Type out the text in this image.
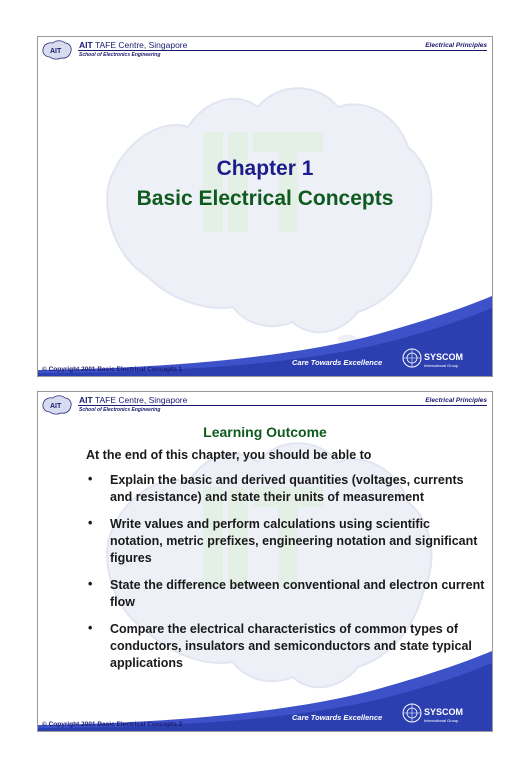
AIT
AIT TAFE Centre, Singapore
School of Electronics Engineering
Electrical Principles
Chapter 1
Basic Electrical Concepts
Care Towards Excellence
SYSCOM
International Group
© Copyright 2001 Basic Electrical Concepts 1
AIT
AIT TAFE Centre, Singapore
School of Electronics Engineering
Electrical Principles
Learning Outcome
At the end of this chapter, you should be able to
• Explain the basic and derived quantities (voltages, currents and resistance) and state their units of measurement
• Write values and perform calculations using scientific notation, metric prefixes, engineering notation and significant figures
• State the difference between conventional and electron current flow
• Compare the electrical characteristics of common types of conductors, insulators and semiconductors and state typical applications
Care Towards Excellence
SYSCOM
International Group
© Copyright 2001 Basic Electrical Concepts 2
